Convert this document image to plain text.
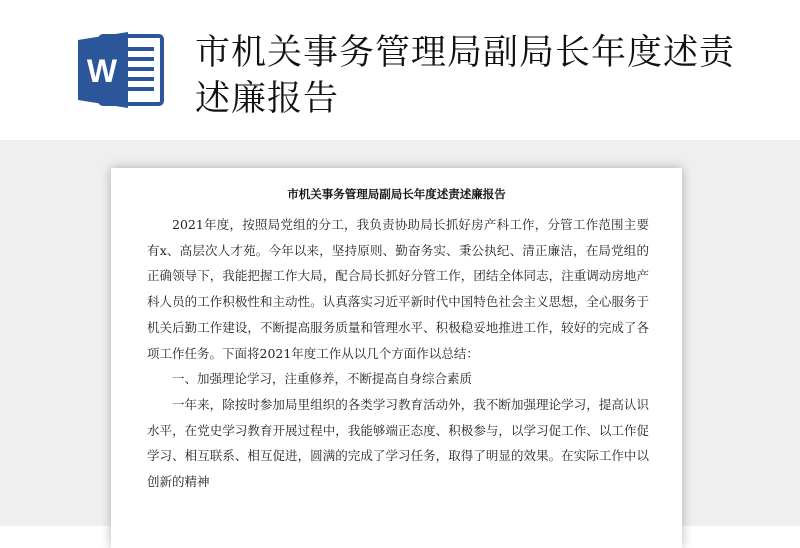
W 市机关事务管理局副局长年度述责述廉报告
市机关事务管理局副局长年度述责述廉报告

2021年度，按照局党组的分工，我负责协助局长抓好房产科工作，分管工作范围主要有x、高层次人才苑。今年以来，坚持原则、勤奋务实、秉公执纪、清正廉洁，在局党组的正确领导下，我能把握工作大局，配合局长抓好分管工作，团结全体同志，注重调动房地产科人员的工作积极性和主动性。认真落实习近平新时代中国特色社会主义思想，全心服务于机关后勤工作建设，不断提高服务质量和管理水平、积极稳妥地推进工作，较好的完成了各项工作任务。下面将2021年度工作从以几个方面作以总结：

一、加强理论学习，注重修养，不断提高自身综合素质

一年来，除按时参加局里组织的各类学习教育活动外，我不断加强理论学习，提高认识水平，在党史学习教育开展过程中，我能够端正态度、积极参与，以学习促工作、以工作促学习、相互联系、相互促进，圆满的完成了学习任务，取得了明显的效果。在实际工作中以创新的精神
